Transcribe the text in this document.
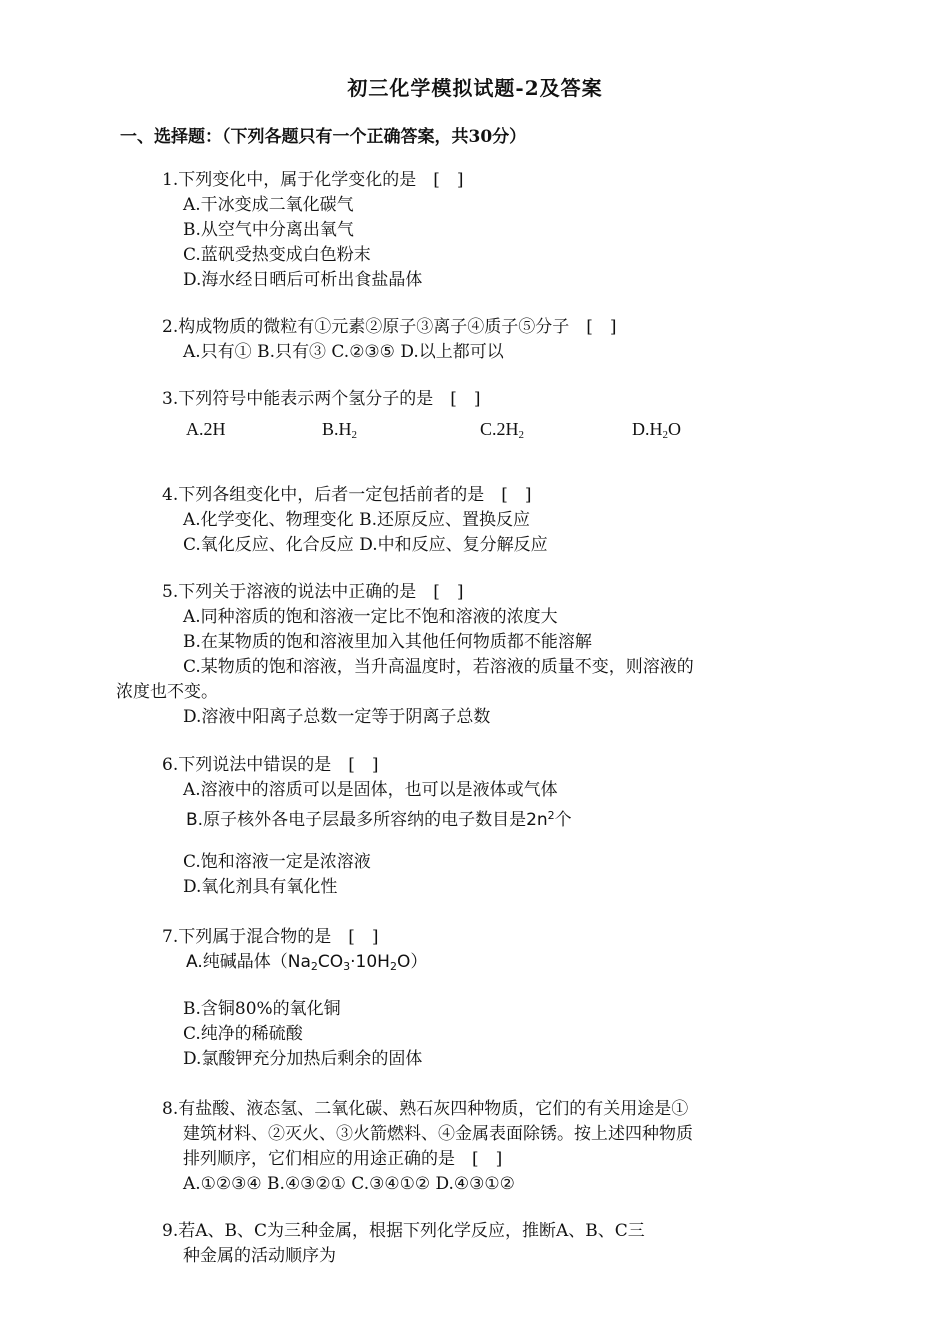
初三化学模拟试题-2及答案
一、选择题：（下列各题只有一个正确答案，共30分）
1.下列变化中，属于化学变化的是　[　]
A.干冰变成二氧化碳气
B.从空气中分离出氧气
C.蓝矾受热变成白色粉末
D.海水经日晒后可析出食盐晶体
2.构成物质的微粒有①元素②原子③离子④质子⑤分子　[　]
A.只有① B.只有③ C.②③⑤ D.以上都可以
3.下列符号中能表示两个氢分子的是　[　]
A.2H	$B.H_2$	$C.2H_2$	$D.H_2O$
4.下列各组变化中，后者一定包括前者的是　[　]
A.化学变化、物理变化 B.还原反应、置换反应
C.氧化反应、化合反应 D.中和反应、复分解反应
5.下列关于溶液的说法中正确的是　[　]
A.同种溶质的饱和溶液一定比不饱和溶液的浓度大
B.在某物质的饱和溶液里加入其他任何物质都不能溶解
C.某物质的饱和溶液，当升高温度时，若溶液的质量不变，则溶液的
浓度也不变。
D.溶液中阳离子总数一定等于阴离子总数
6.下列说法中错误的是　[　]
A.溶液中的溶质可以是固体，也可以是液体或气体
B.原子核外各电子层最多所容纳的电子数目是$2n^2$个
C.饱和溶液一定是浓溶液
D.氧化剂具有氧化性
7.下列属于混合物的是　[　]
A.纯碱晶体$(Na_2CO_3\cdot 10H_2O)$
B.含铜80%的氧化铜
C.纯净的稀硫酸
D.氯酸钾充分加热后剩余的固体
8.有盐酸、液态氢、二氧化碳、熟石灰四种物质，它们的有关用途是①
建筑材料、②灭火、③火箭燃料、④金属表面除锈。按上述四种物质
排列顺序，它们相应的用途正确的是　[　]
A.①②③④ B.④③②① C.③④①② D.④③①②
9.若A、B、C为三种金属，根据下列化学反应，推断A、B、C三
种金属的活动顺序为
